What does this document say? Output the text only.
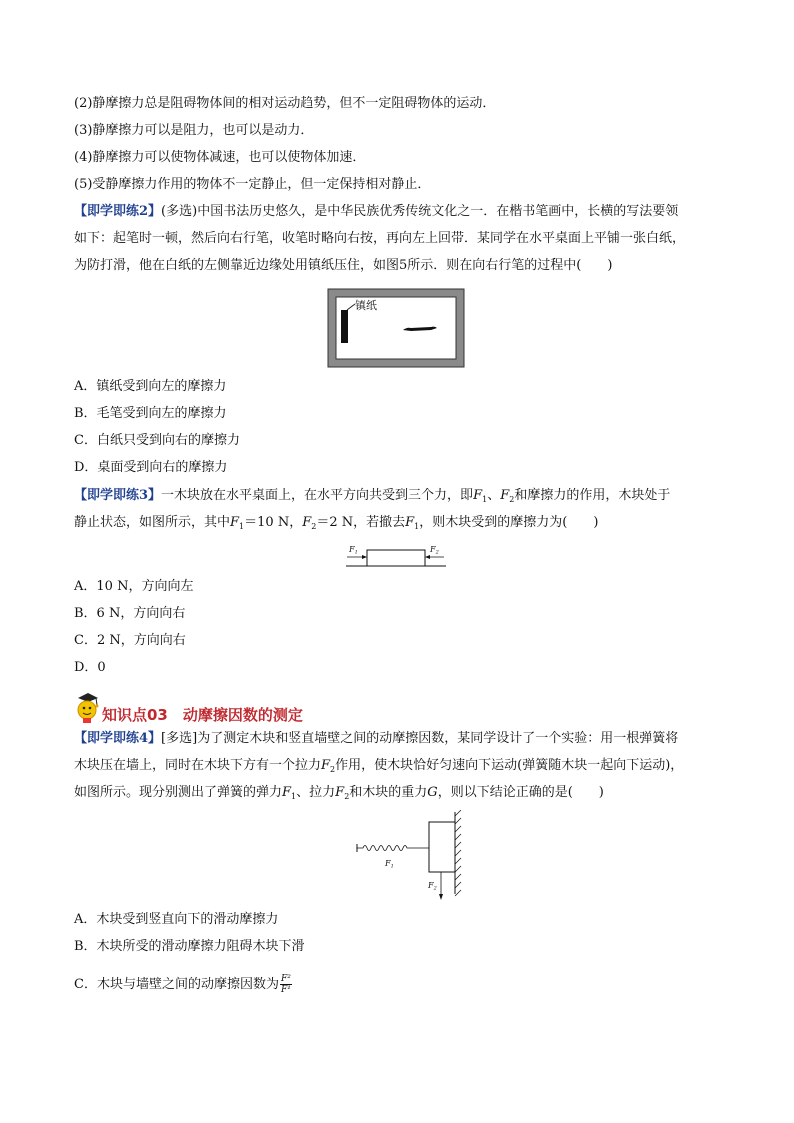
(2)静摩擦力总是阻碍物体间的相对运动趋势，但不一定阻碍物体的运动．
(3)静摩擦力可以是阻力，也可以是动力．
(4)静摩擦力可以使物体减速，也可以使物体加速．
(5)受静摩擦力作用的物体不一定静止，但一定保持相对静止．
【即学即练2】(多选)中国书法历史悠久，是中华民族优秀传统文化之一．在楷书笔画中，长横的写法要领
如下：起笔时一顿，然后向右行笔，收笔时略向右按，再向左上回带．某同学在水平桌面上平铺一张白纸，
为防打滑，他在白纸的左侧靠近边缘处用镇纸压住，如图5所示．则在向右行笔的过程中(　　)
镇纸
A．镇纸受到向左的摩擦力
B．毛笔受到向左的摩擦力
C．白纸只受到向右的摩擦力
D．桌面受到向右的摩擦力
【即学即练3】一木块放在水平桌面上，在水平方向共受到三个力，即$F_1$、$F_2$和摩擦力的作用，木块处于
静止状态，如图所示，其中$F_1=10$ N，$F_2=2$ N，若撤去$F_1$，则木块受到的摩擦力为(　　)
F1	F2
A．10 N，方向向左
B．6 N，方向向右
C．2 N，方向向右
D．0
知识点03　动摩擦因数的测定
【即学即练4】[多选]为了测定木块和竖直墙壁之间的动摩擦因数，某同学设计了一个实验：用一根弹簧将
木块压在墙上，同时在木块下方有一个拉力$F_2$作用，使木块恰好匀速向下运动(弹簧随木块一起向下运动)，
如图所示。现分别测出了弹簧的弹力$F_1$、拉力$F_2$和木块的重力G，则以下结论正确的是(　　)
F1
F2
A．木块受到竖直向下的滑动摩擦力
B．木块所受的滑动摩擦力阻碍木块下滑
C．木块与墙壁之间的动摩擦因数为 $\frac{\text{F²}}{\text{F¹}}$
